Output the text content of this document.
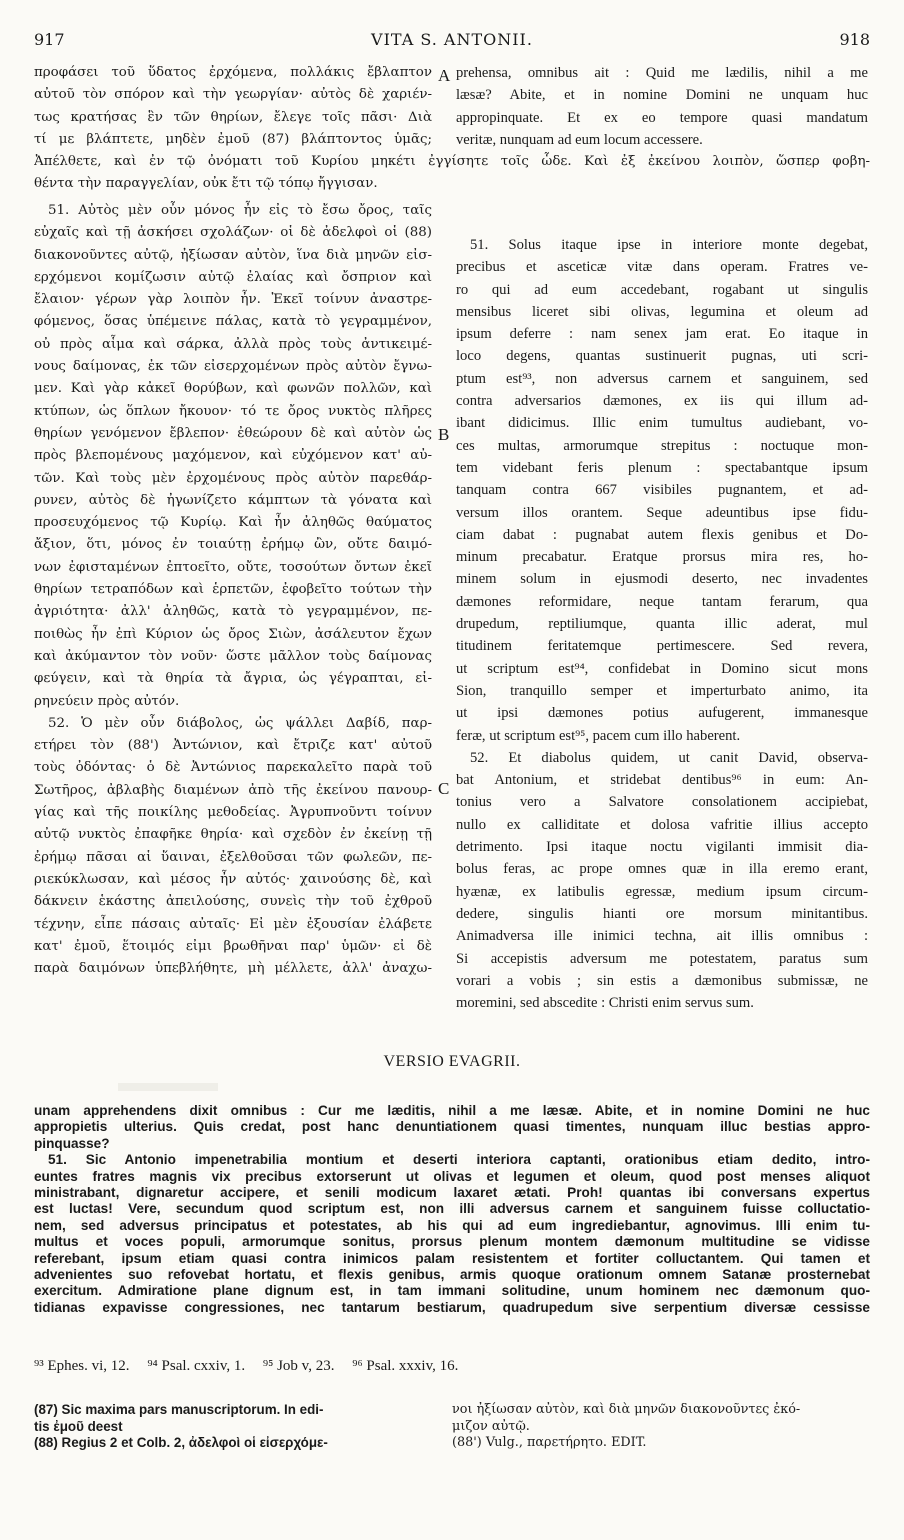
917	VITA S. ANTONII.	918
προφάσει τοῦ ὕδατος ἐρχόμενα, πολλάκις ἔβλαπτον
αὐτοῦ τὸν σπόρον καὶ τὴν γεωργίαν· αὐτὸς δὲ χαριέν-
τως κρατήσας ἓν τῶν θηρίων, ἔλεγε τοῖς πᾶσι· Διὰ
τί με βλάπτετε, μηδὲν ἐμοῦ (87) βλάπτοντος ὑμᾶς;
prehensa, omnibus ait : Quid me lædilis, nihil a me
læsæ? Abite, et in nomine Domini ne unquam huc
appropinquate. Et ex eo tempore quasi mandatum
veritæ, nunquam ad eum locum accessere.
Ἀπέλθετε, καὶ ἐν τῷ ὀνόματι τοῦ Κυρίου μηκέτι ἐγγίσητε τοῖς ὧδε. Καὶ ἐξ ἐκείνου λοιπὸν, ὥσπερ φοβη-
θέντα τὴν παραγγελίαν, οὐκ ἔτι τῷ τόπῳ ἤγγισαν.
51. Αὐτὸς μὲν οὖν μόνος ἦν εἰς τὸ ἔσω ὄρος, ταῖς
εὐχαῖς καὶ τῇ ἀσκήσει σχολάζων· οἱ δὲ ἀδελφοὶ οἱ (88)
διακονοῦντες αὐτῷ, ἠξίωσαν αὐτὸν, ἵνα διὰ μηνῶν εἰσ-
ερχόμενοι κομίζωσιν αὐτῷ ἐλαίας καὶ ὄσπριον καὶ
ἔλαιον· γέρων γὰρ λοιπὸν ἦν. Ἐκεῖ τοίνυν ἀναστρε-
φόμενος, ὅσας ὑπέμεινε πάλας, κατὰ τὸ γεγραμμένον,
οὐ πρὸς αἷμα καὶ σάρκα, ἀλλὰ πρὸς τοὺς ἀντικειμέ-
νους δαίμονας, ἐκ τῶν εἰσερχομένων πρὸς αὐτὸν ἔγνω-
μεν. Καὶ γὰρ κἀκεῖ θορύβων, καὶ φωνῶν πολλῶν, καὶ
κτύπων, ὡς ὅπλων ἤκουον· τό τε ὄρος νυκτὸς πλῆρες
θηρίων γενόμενον ἔβλεπον· ἐθεώρουν δὲ καὶ αὐτὸν ὡς
πρὸς βλεπομένους μαχόμενον, καὶ εὐχόμενον κατ' αὐ-
τῶν. Καὶ τοὺς μὲν ἐρχομένους πρὸς αὐτὸν παρεθάρ-
ρυνεν, αὐτὸς δὲ ἠγωνίζετο κάμπτων τὰ γόνατα καὶ
προσευχόμενος τῷ Κυρίῳ. Καὶ ἦν ἀληθῶς θαύματος
ἄξιον, ὅτι, μόνος ἐν τοιαύτῃ ἐρήμῳ ὢν, οὔτε δαιμό-
νων ἐφισταμένων ἐπτοεῖτο, οὔτε, τοσούτων ὄντων ἐκεῖ
θηρίων τετραπόδων καὶ ἑρπετῶν, ἐφοβεῖτο τούτων τὴν
ἀγριότητα· ἀλλ' ἀληθῶς, κατὰ τὸ γεγραμμένον, πε-
ποιθὼς ἦν ἐπὶ Κύριον ὡς ὄρος Σιὼν, ἀσάλευτον ἔχων
καὶ ἀκύμαντον τὸν νοῦν· ὥστε μᾶλλον τοὺς δαίμονας
φεύγειν, καὶ τὰ θηρία τὰ ἄγρια, ὡς γέγραπται, εἰ-
ρηνεύειν πρὸς αὐτόν.
52. Ὁ μὲν οὖν διάβολος, ὡς ψάλλει Δαβίδ, παρ-
ετήρει τὸν (88') Ἀντώνιον, καὶ ἔτριζε κατ' αὐτοῦ
τοὺς ὀδόντας· ὁ δὲ Ἀντώνιος παρεκαλεῖτο παρὰ τοῦ
Σωτῆρος, ἀβλαβὴς διαμένων ἀπὸ τῆς ἐκείνου πανουρ-
γίας καὶ τῆς ποικίλης μεθοδείας. Ἀγρυπνοῦντι τοίνυν
αὐτῷ νυκτὸς ἐπαφῆκε θηρία· καὶ σχεδὸν ἐν ἐκείνῃ τῇ
ἐρήμῳ πᾶσαι αἱ ὕαιναι, ἐξελθοῦσαι τῶν φωλεῶν, πε-
ριεκύκλωσαν, καὶ μέσος ἦν αὐτός· χαινούσης δὲ, καὶ
δάκνειν ἑκάστης ἀπειλούσης, συνεὶς τὴν τοῦ ἐχθροῦ
τέχνην, εἶπε πάσαις αὐταῖς· Εἰ μὲν ἐξουσίαν ἐλάβετε
κατ' ἐμοῦ, ἕτοιμός εἰμι βρωθῆναι παρ' ὑμῶν· εἰ δὲ
παρὰ δαιμόνων ὑπεβλήθητε, μὴ μέλλετε, ἀλλ' ἀναχω-
51. Solus itaque ipse in interiore monte degebat,
precibus et asceticæ vitæ dans operam. Fratres ve-
ro qui ad eum accedebant, rogabant ut singulis
mensibus liceret sibi olivas, legumina et oleum ad
ipsum deferre : nam senex jam erat. Eo itaque in
loco degens, quantas sustinuerit pugnas, uti scri-
ptum est⁹³, non adversus carnem et sanguinem, sed
contra adversarios dæmones, ex iis qui illum ad-
ibant didicimus. Illic enim tumultus audiebant, vo-
ces multas, armorumque strepitus : noctuque mon-
tem videbant feris plenum : spectabantque ipsum
tanquam contra 667 visibiles pugnantem, et ad-
versum illos orantem. Seque adeuntibus ipse fidu-
ciam dabat : pugnabat autem flexis genibus et Do-
minum precabatur. Eratque prorsus mira res, ho-
minem solum in ejusmodi deserto, nec invadentes
dæmones reformidare, neque tantam ferarum, qua
drupedum, reptiliumque, quanta illic aderat, mul
titudinem feritatemque pertimescere. Sed revera,
ut scriptum est⁹⁴, confidebat in Domino sicut mons
Sion, tranquillo semper et imperturbato animo, ita
ut ipsi dæmones potius aufugerent, immanesque
feræ, ut scriptum est⁹⁵, pacem cum illo haberent.
52. Et diabolus quidem, ut canit David, observa-
bat Antonium, et stridebat dentibus⁹⁶ in eum: An-
tonius vero a Salvatore consolationem accipiebat,
nullo ex calliditate et dolosa vafritie illius accepto
detrimento. Ipsi itaque noctu vigilanti immisit dia-
bolus feras, ac prope omnes quæ in illa eremo erant,
hyænæ, ex latibulis egressæ, medium ipsum circum-
dedere, singulis hianti ore morsum minitantibus.
Animadversa ille inimici techna, ait illis omnibus :
Si accepistis adversum me potestatem, paratus sum
vorari a vobis ; sin estis a dæmonibus submissæ, ne
moremini, sed abscedite : Christi enim servus sum.
A
B
C
VERSIO EVAGRII.
unam apprehendens dixit omnibus : Cur me læditis, nihil a me læsæ. Abite, et in nomine Domini ne huc
appropietis ulterius. Quis credat, post hanc denuntiationem quasi timentes, nunquam illuc bestias appro-
pinquasse?
51. Sic Antonio impenetrabilia montium et deserti interiora captanti, orationibus etiam dedito, intro-
euntes fratres magnis vix precibus extorserunt ut olivas et legumen et oleum, quod post menses aliquot
ministrabant, dignaretur accipere, et senili modicum laxaret ætati. Proh! quantas ibi conversans expertus
est luctas! Vere, secundum quod scriptum est, non illi adversus carnem et sanguinem fuisse colluctatio-
nem, sed adversus principatus et potestates, ab his qui ad eum ingrediebantur, agnovimus. Illi enim tu-
multus et voces populi, armorumque sonitus, prorsus plenum montem dæmonum multitudine se vidisse
referebant, ipsum etiam quasi contra inimicos palam resistentem et fortiter colluctantem. Qui tamen et
advenientes suo refovebat hortatu, et flexis genibus, armis quoque orationum omnem Satanæ prosternebat
exercitum. Admiratione plane dignum est, in tam immani solitudine, unum hominem nec dæmonum quo-
tidianas expavisse congressiones, nec tantarum bestiarum, quadrupedum sive serpentium diversæ cessisse
⁹³ Ephes. vi, 12. ⁹⁴ Psal. cxxiv, 1. ⁹⁵ Job v, 23. ⁹⁶ Psal. xxxiv, 16.
(87) Sic maxima pars manuscriptorum. In edi-
tis ἐμοῦ deest
(88) Regius 2 et Colb. 2, ἀδελφοὶ οἱ εἰσερχόμε-
νοι ἠξίωσαν αὐτὸν, καὶ διὰ μηνῶν διακονοῦντες ἐκό-
μιζον αὐτῷ.
(88') Vulg., παρετήρητο. EDIT.
